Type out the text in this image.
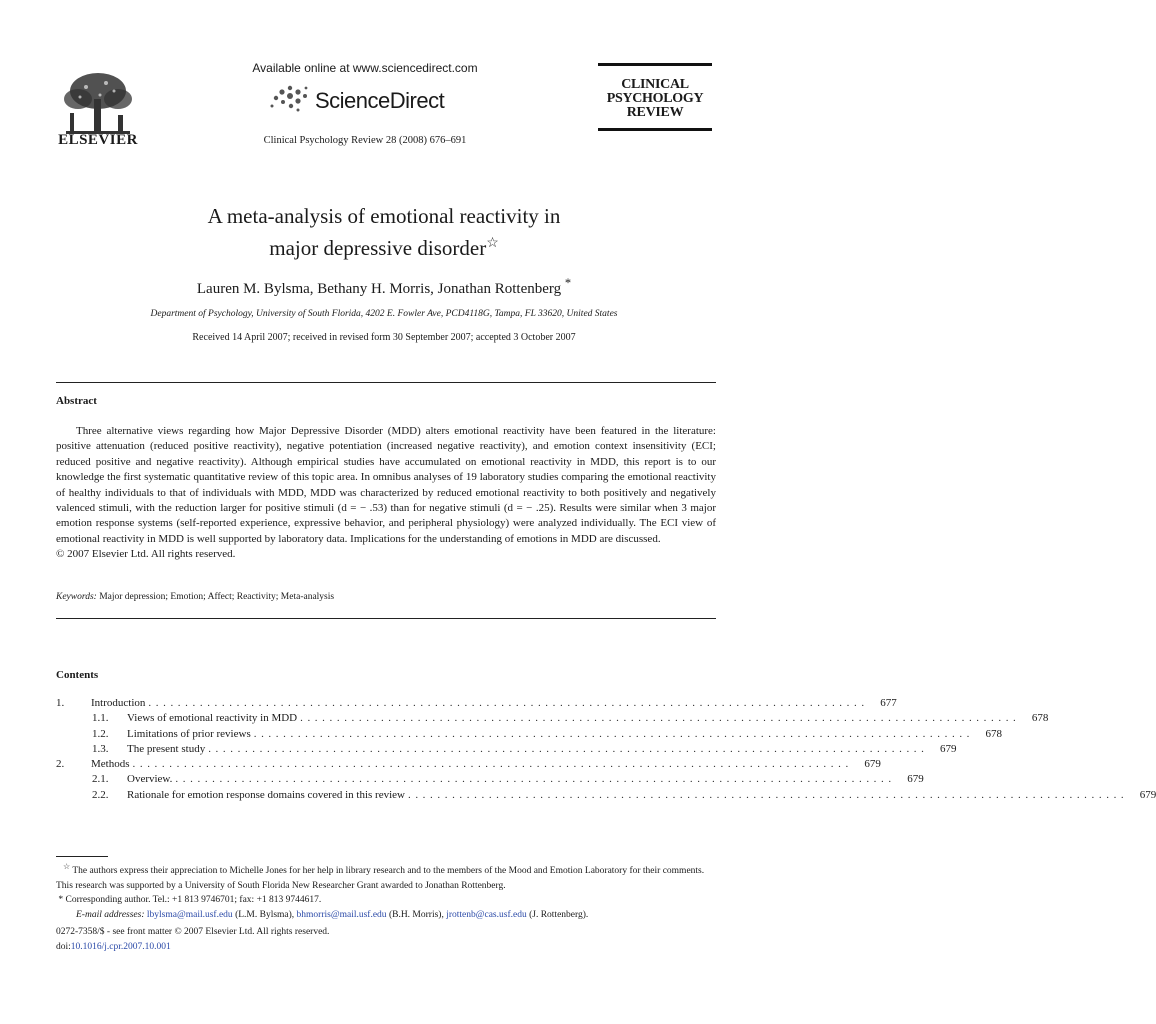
ELSEVIER
Available online at www.sciencedirect.com
ScienceDirect
Clinical Psychology Review 28 (2008) 676–691
CLINICAL
PSYCHOLOGY
REVIEW
A meta-analysis of emotional reactivity in
major depressive disorder☆
Lauren M. Bylsma, Bethany H. Morris, Jonathan Rottenberg *
Department of Psychology, University of South Florida, 4202 E. Fowler Ave, PCD4118G, Tampa, FL 33620, United States
Received 14 April 2007; received in revised form 30 September 2007; accepted 3 October 2007
Abstract

Three alternative views regarding how Major Depressive Disorder (MDD) alters emotional reactivity have been featured in the literature: positive attenuation (reduced positive reactivity), negative potentiation (increased negative reactivity), and emotion context insensitivity (ECI; reduced positive and negative reactivity). Although empirical studies have accumulated on emotional reactivity in MDD, this report is to our knowledge the first systematic quantitative review of this topic area. In omnibus analyses of 19 laboratory studies comparing the emotional reactivity of healthy individuals to that of individuals with MDD, MDD was characterized by reduced emotional reactivity to both positively and negatively valenced stimuli, with the reduction larger for positive stimuli (d = − .53) than for negative stimuli (d = − .25). Results were similar when 3 major emotion response systems (self-reported experience, expressive behavior, and peripheral physiology) were analyzed individually. The ECI view of emotional reactivity in MDD is well supported by laboratory data. Implications for the understanding of emotions in MDD are discussed.

© 2007 Elsevier Ltd. All rights reserved.

Keywords: Major depression; Emotion; Affect; Reactivity; Meta-analysis
Contents
1.	Introduction ..................................................................................................	677
1.1.	Views of emotional reactivity in MDD ..................................................................................................	678
1.2.	Limitations of prior reviews ..................................................................................................	678
1.3.	The present study ..................................................................................................	679
2.	Methods ..................................................................................................	679
2.1.	Overview. ..................................................................................................	679
2.2.	Rationale for emotion response domains covered in this review ..................................................................................................	679

☆ The authors express their appreciation to Michelle Jones for her help in library research and to the members of the Mood and Emotion Laboratory for their comments. This research was supported by a University of South Florida New Researcher Grant awarded to Jonathan Rottenberg.

* Corresponding author. Tel.: +1 813 9746701; fax: +1 813 9744617.

E-mail addresses: lbylsma@mail.usf.edu (L.M. Bylsma), bhmorris@mail.usf.edu (B.H. Morris), jrottenb@cas.usf.edu (J. Rottenberg).

0272-7358/$ - see front matter © 2007 Elsevier Ltd. All rights reserved.
doi:10.1016/j.cpr.2007.10.001
